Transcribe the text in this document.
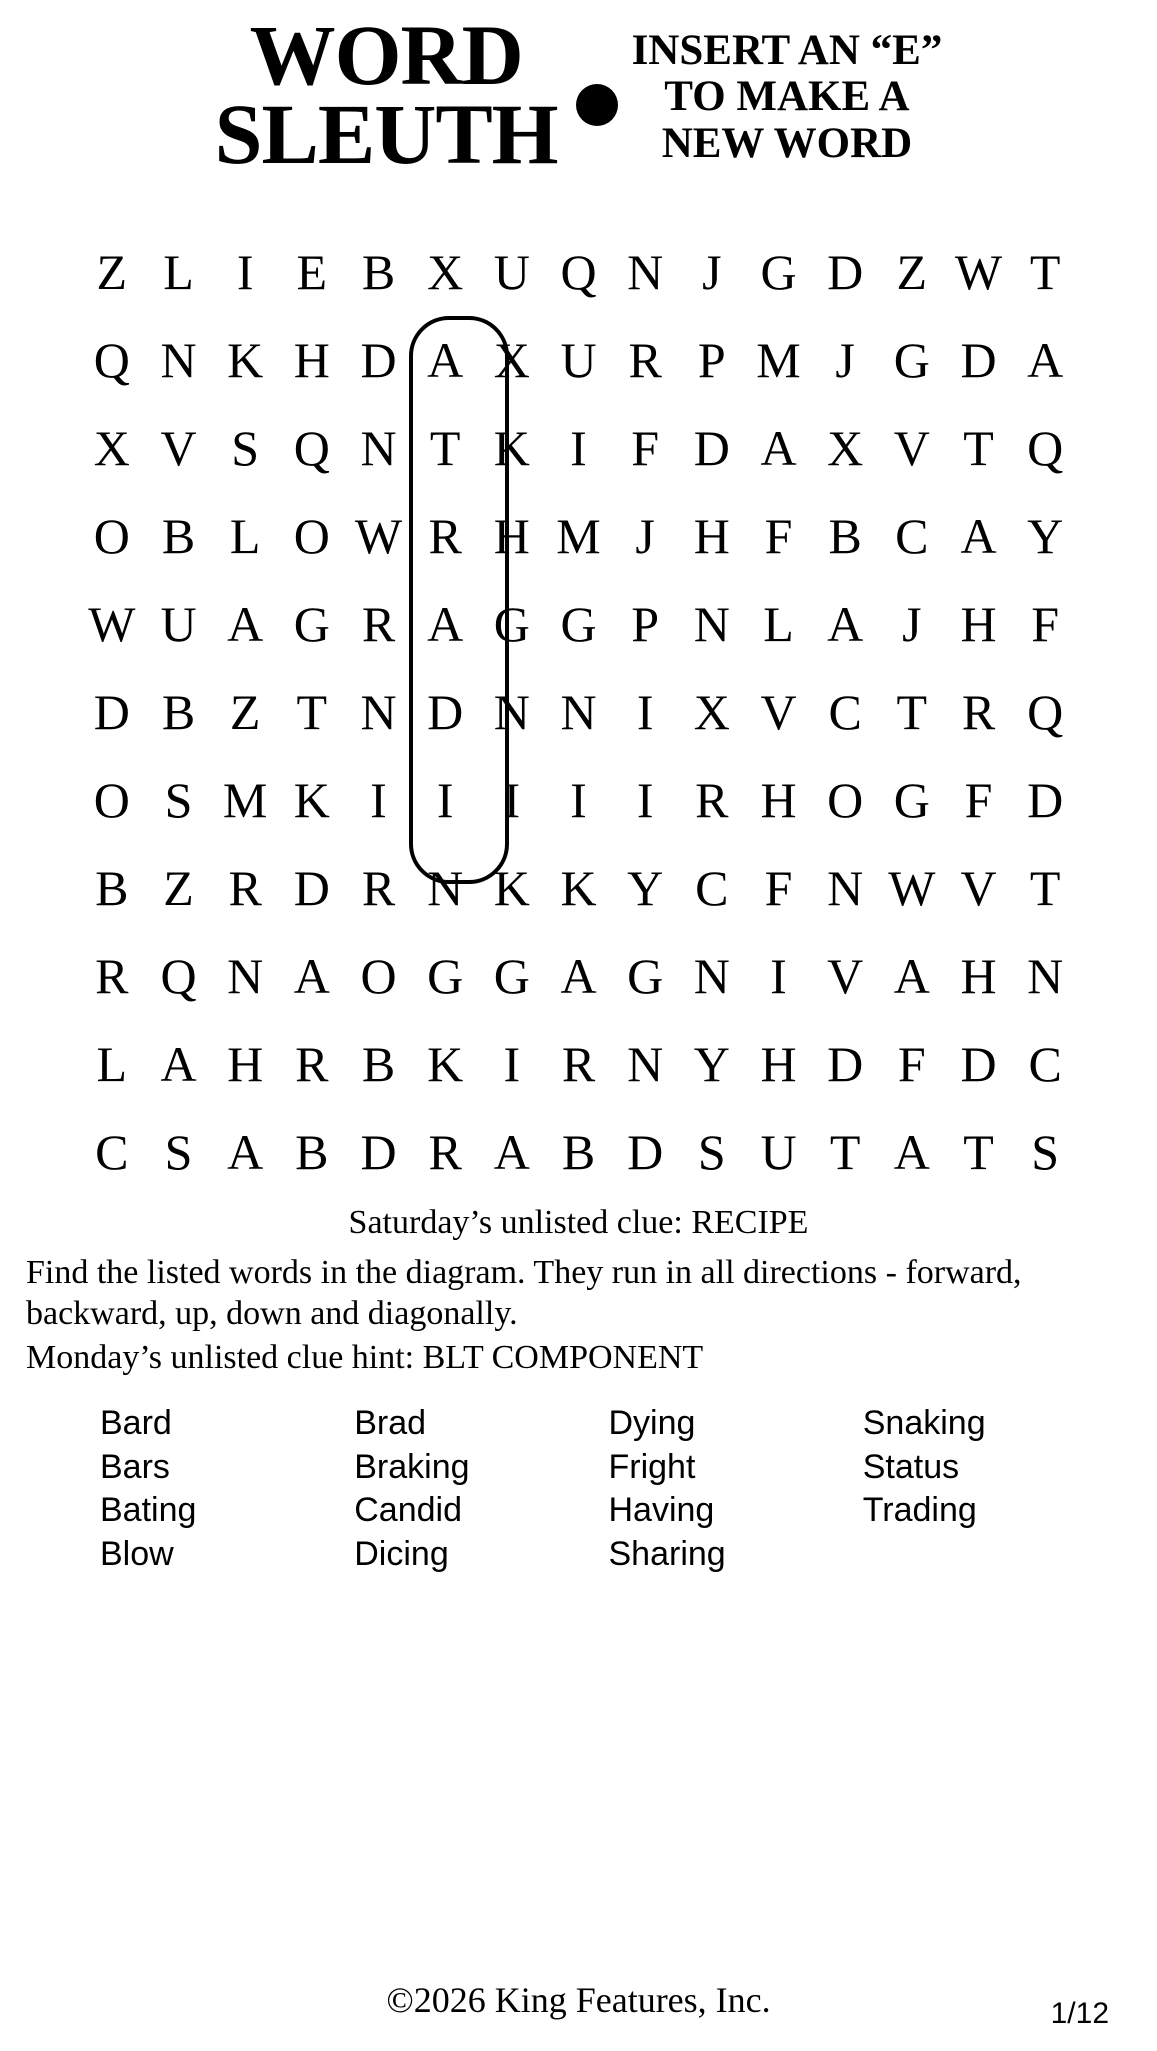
WORD
SLEUTH
INSERT AN “E”
TO MAKE A
NEW WORD
Z L I E B X U Q N J G D Z W T
Q N K H D A X U R P M J G D A
X V S Q N T K I F D A X V T Q
O B L O W R H M J H F B C A Y
W U A G R A G G P N L A J H F
D B Z T N D N N I X V C T R Q
O S M K I	I	I	I	I R H O G F D
B Z R D R N K K Y C F N W V T
R Q N A O G G A G N I V A H N
L A H R B K I R N Y H D F D C
C S A B D R A B D S U T A T S
Saturday’s unlisted clue: RECIPE
Find the listed words in the diagram. They run in all directions - forward, backward, up, down and diagonally.
Monday’s unlisted clue hint: BLT COMPONENT
Bard
Bars
Bating
Blow
Brad
Braking
Candid
Dicing
Dying
Fright
Having
Sharing
Snaking
Status
Trading
©2026 King Features, Inc.	1/12
